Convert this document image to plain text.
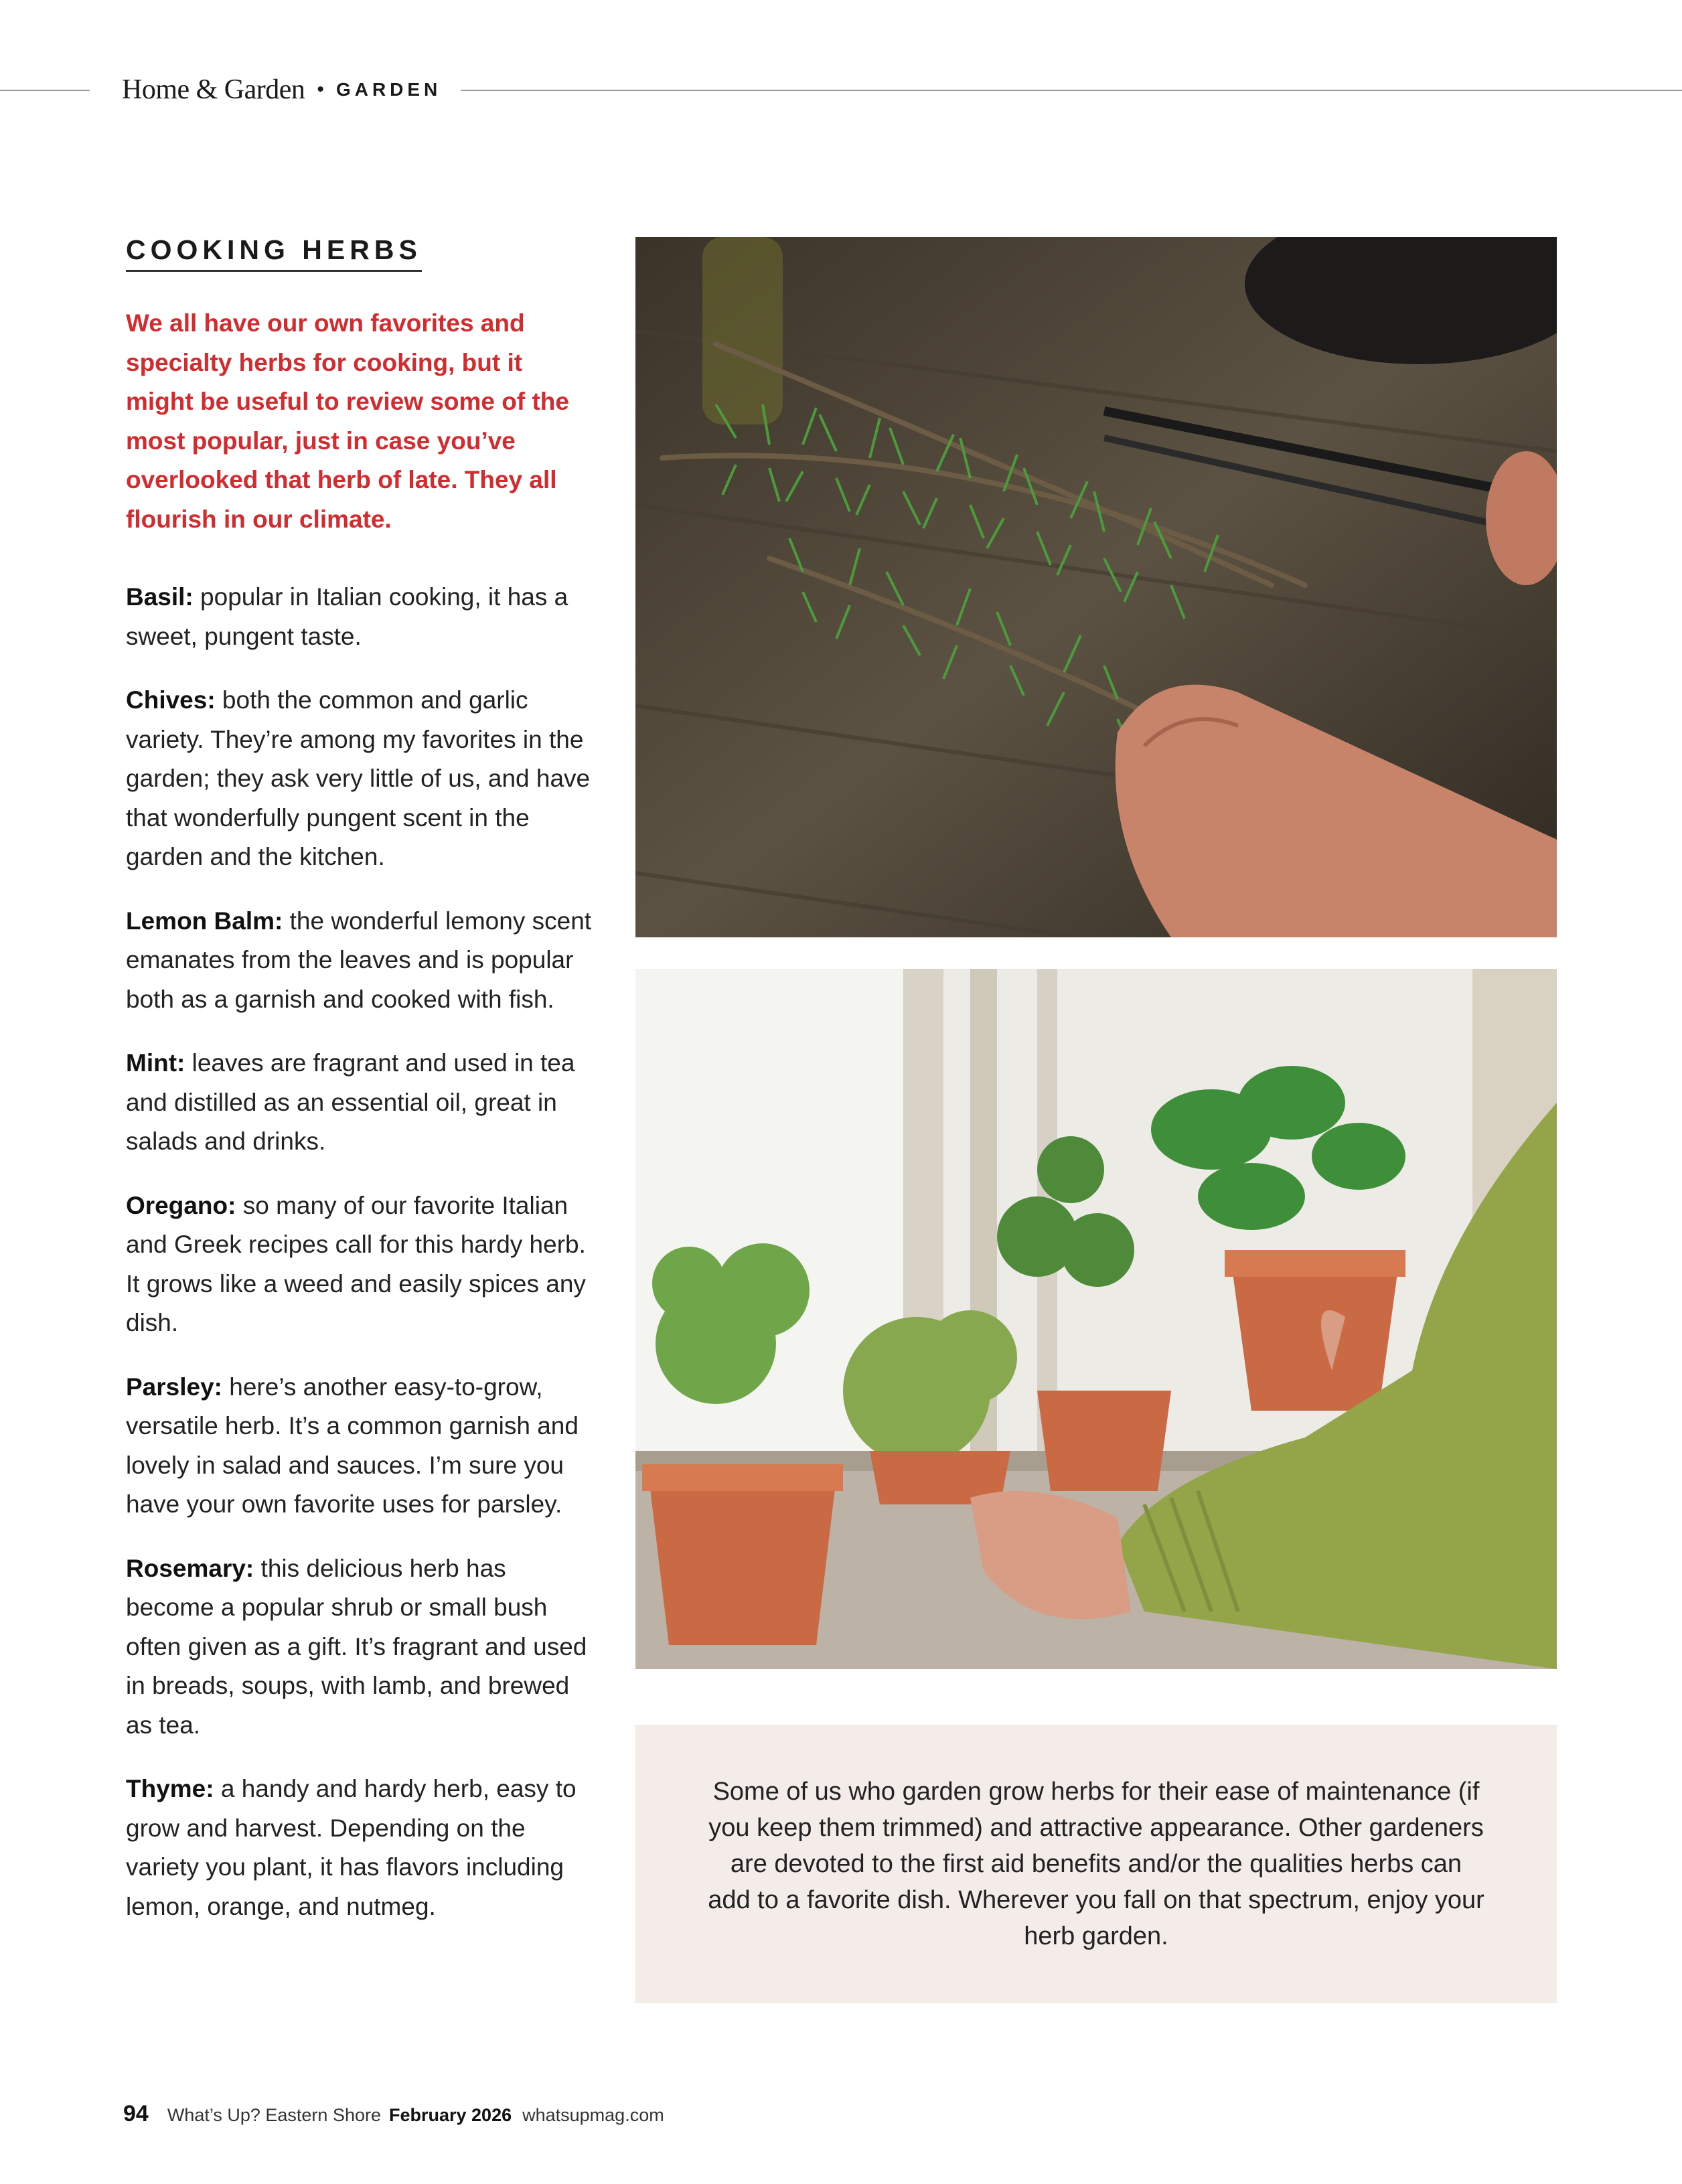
Home & Garden • GARDEN
COOKING HERBS
We all have our own favorites and specialty herbs for cooking, but it might be useful to review some of the most popular, just in case you’ve overlooked that herb of late. They all flourish in our climate.

Basil: popular in Italian cooking, it has a sweet, pungent taste.

Chives: both the common and garlic variety. They’re among my favorites in the garden; they ask very little of us, and have that wonderfully pungent scent in the garden and the kitchen.

Lemon Balm: the wonderful lemony scent emanates from the leaves and is popular both as a garnish and cooked with fish.

Mint: leaves are fragrant and used in tea and distilled as an essential oil, great in salads and drinks.

Oregano: so many of our favorite Italian and Greek recipes call for this hardy herb. It grows like a weed and easily spices any dish.

Parsley: here’s another easy-to-grow, versatile herb. It’s a common garnish and lovely in salad and sauces. I’m sure you have your own favorite uses for parsley.

Rosemary: this delicious herb has become a popular shrub or small bush often given as a gift. It’s fragrant and used in breads, soups, with lamb, and brewed as tea.

Thyme: a handy and hardy herb, easy to grow and harvest. Depending on the variety you plant, it has flavors including lemon, orange, and nutmeg.

Some of us who garden grow herbs for their ease of maintenance (if you keep them trimmed) and attractive appearance. Other gardeners are devoted to the first aid benefits and/or the qualities herbs can add to a favorite dish. Wherever you fall on that spectrum, enjoy your herb garden.
94 What’s Up? Eastern Shore February 2026 whatsupmag.com
